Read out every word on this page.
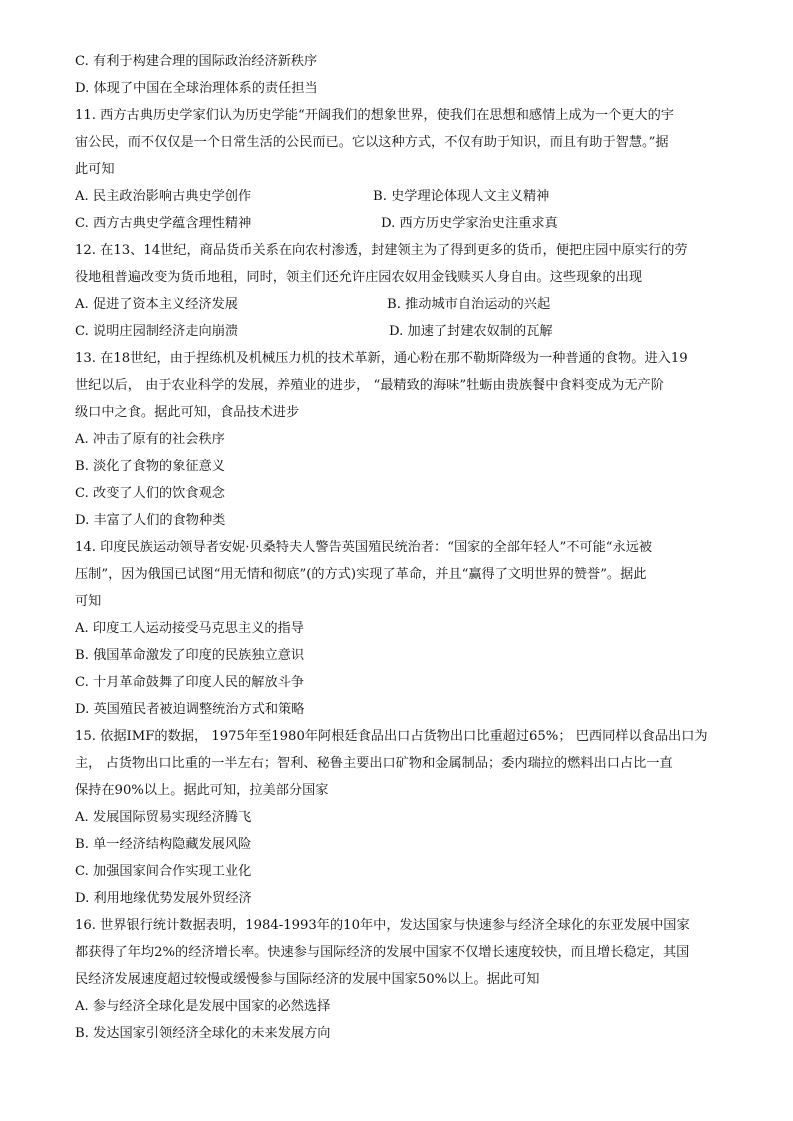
C. 有利于构建合理的国际政治经济新秩序
D. 体现了中国在全球治理体系的责任担当
11. 西方古典历史学家们认为历史学能“开阔我们的想象世界，使我们在思想和感情上成为一个更大的宇
宙公民，而不仅仅是一个日常生活的公民而已。它以这种方式，不仅有助于知识，而且有助于智慧。”据
此可知
A. 民主政治影响古典史学创作	B. 史学理论体现人文主义精神
C. 西方古典史学蕴含理性精神	D. 西方历史学家治史注重求真
12. 在13、14世纪，商品货币关系在向农村渗透，封建领主为了得到更多的货币，便把庄园中原实行的劳
役地租普遍改变为货币地租，同时，领主们还允许庄园农奴用金钱赎买人身自由。这些现象的出现
A. 促进了资本主义经济发展	B. 推动城市自治运动的兴起
C. 说明庄园制经济走向崩溃	D. 加速了封建农奴制的瓦解
13. 在18世纪，由于捏练机及机械压力机的技术革新，通心粉在那不勒斯降级为一种普通的食物。进入19
世纪以后， 由于农业科学的发展，养殖业的进步， “最精致的海味”牡蛎由贵族餐中食料变成为无产阶
级口中之食。据此可知，食品技术进步
A. 冲击了原有的社会秩序
B. 淡化了食物的象征意义
C. 改变了人们的饮食观念
D. 丰富了人们的食物种类
14. 印度民族运动领导者安妮·贝桑特夫人警告英国殖民统治者：“国家的全部年轻人”不可能“永远被
压制”，因为俄国已试图“用无情和彻底”(的方式)实现了革命，并且“赢得了文明世界的赞誉”。据此
可知
A. 印度工人运动接受马克思主义的指导
B. 俄国革命激发了印度的民族独立意识
C. 十月革命鼓舞了印度人民的解放斗争
D. 英国殖民者被迫调整统治方式和策略
15. 依据IMF的数据， 1975年至1980年阿根廷食品出口占货物出口比重超过65%； 巴西同样以食品出口为
主， 占货物出口比重的一半左右；智利、秘鲁主要出口矿物和金属制品；委内瑞拉的燃料出口占比一直
保持在90%以上。据此可知，拉美部分国家
A. 发展国际贸易实现经济腾飞
B. 单一经济结构隐藏发展风险
C. 加强国家间合作实现工业化
D. 利用地缘优势发展外贸经济
16. 世界银行统计数据表明，1984-1993年的10年中，发达国家与快速参与经济全球化的东亚发展中国家
都获得了年均2%的经济增长率。快速参与国际经济的发展中国家不仅增长速度较快，而且增长稳定，其国
民经济发展速度超过较慢或缓慢参与国际经济的发展中国家50%以上。据此可知
A. 参与经济全球化是发展中国家的必然选择
B. 发达国家引领经济全球化的未来发展方向
